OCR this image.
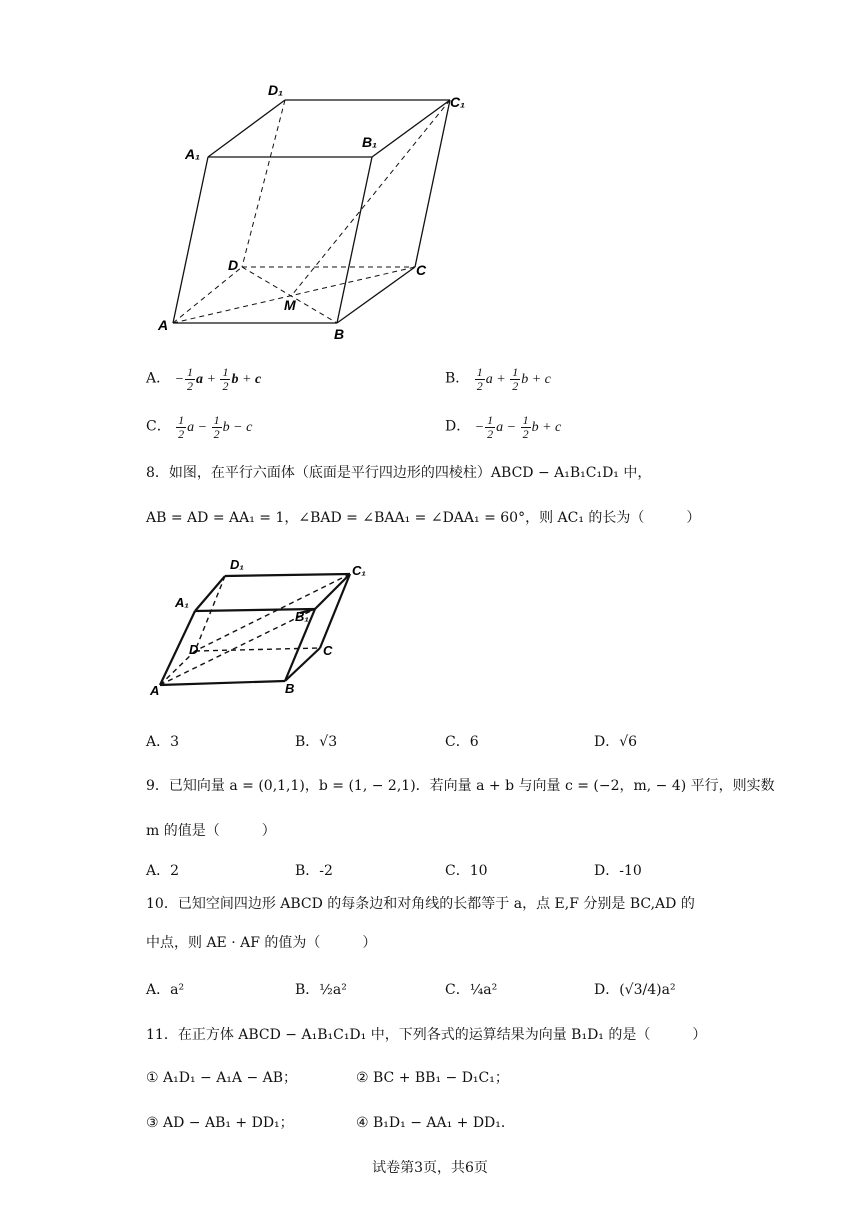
D₁
C₁
A₁
B₁
D	C
M
A
B
A． − $\frac{1}{2}$ $a + \frac{1}{2}$ b + c	B． $\frac{1}{2}$ $a + \frac{1}{2}$ b + c
C． $\frac{1}{2}$ $a - \frac{1}{2}$ b − c	D． − $\frac{1}{2}$ $a - \frac{1}{2}$ b + c
8．如图，在平行六面体（底面是平行四边形的四棱柱）ABCD − A₁B₁C₁D₁ 中，
AB = AD = AA₁ = 1，∠BAD = ∠BAA₁ = ∠DAA₁ = 60°，则 AC₁ 的长为（　　　）
D₁	C₁
A₁
B₁
D	C
A	B
A．3	B．√3	C．6	D．√6
9．已知向量 a = (0,1,1)，b = (1, − 2,1)．若向量 a + b 与向量 c = (−2，m, − 4) 平行，则实数
m 的值是（　　　）
A．2	B．-2	C．10	D．-10
10．已知空间四边形 ABCD 的每条边和对角线的长都等于 a，点 E,F 分别是 BC,AD 的
中点，则 AE · AF 的值为（　　　）
A．a²	B．½a²	C．¼a²	D．(√3/4)a²
11．在正方体 ABCD − A₁B₁C₁D₁ 中，下列各式的运算结果为向量 B₁D₁ 的是（　　　）
① A₁D₁ − A₁A − AB；	② BC + BB₁ − D₁C₁；
③ AD − AB₁ + DD₁；	④ B₁D₁ − AA₁ + DD₁．
试卷第3页，共6页
